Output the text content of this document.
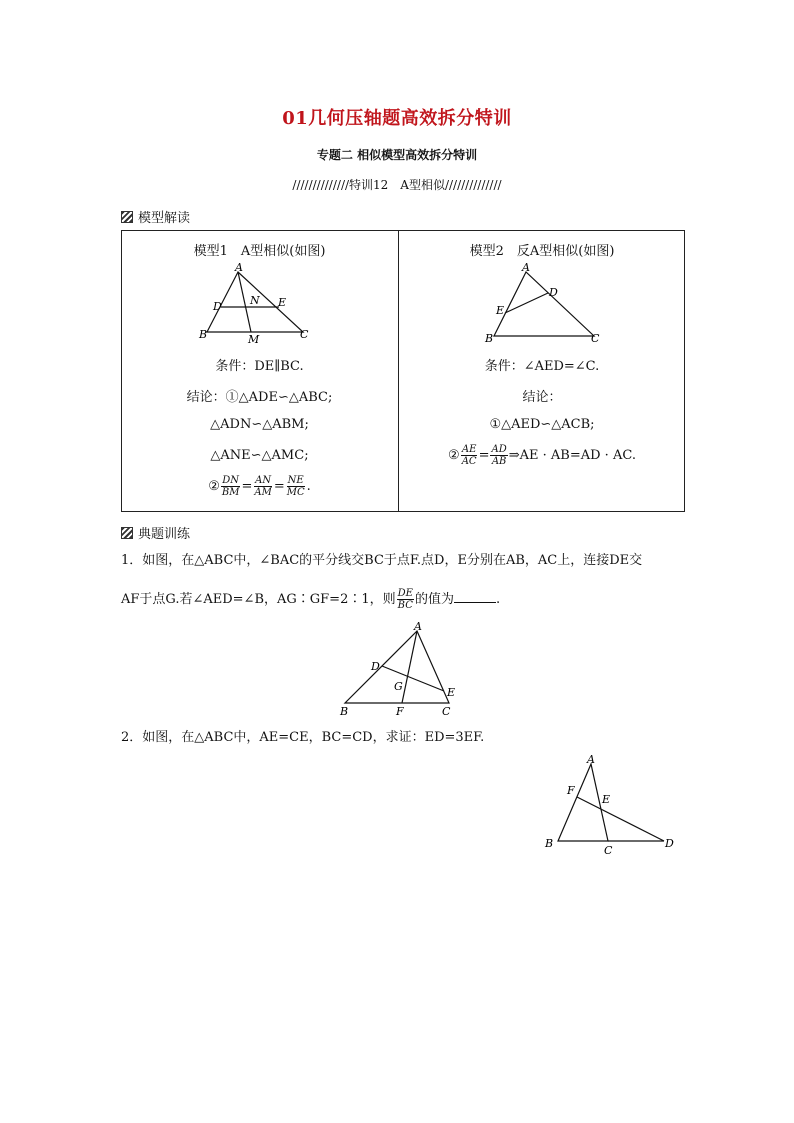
01几何压轴题高效拆分特训
专题二 相似模型高效拆分特训
//////////////特训12　A型相似//////////////
模型解读
模型1　A型相似(如图)
A
D	E
N
B	C
M
条件：DE∥BC.
结论：①△ADE∽△ABC;
△ADN∽△ABM;
△ANE∽△AMC;
② $\frac{DN}{BM} = \frac{AN}{AM} = \frac{NE}{MC}$ .
模型2　反A型相似(如图)
A
D
E
B	C
条件：∠AED=∠C.
结论：
①△AED∽△ACB;
② $\frac{AE}{AC} = \frac{AD}{AB}$ ⇒AE · AB=AD · AC.
典题训练
1．如图，在△ABC中，∠BAC的平分线交BC于点F.点D，E分别在AB，AC上，连接DE交
AF于点G.若∠AED=∠B，AG∶GF=2∶1，则 $\frac{DE}{BC}$ 的值为	.
A
D
G	E
B	F	C
2．如图，在△ABC中，AE=CE，BC=CD，求证：ED=3EF.
A
F
E
B
C
D
